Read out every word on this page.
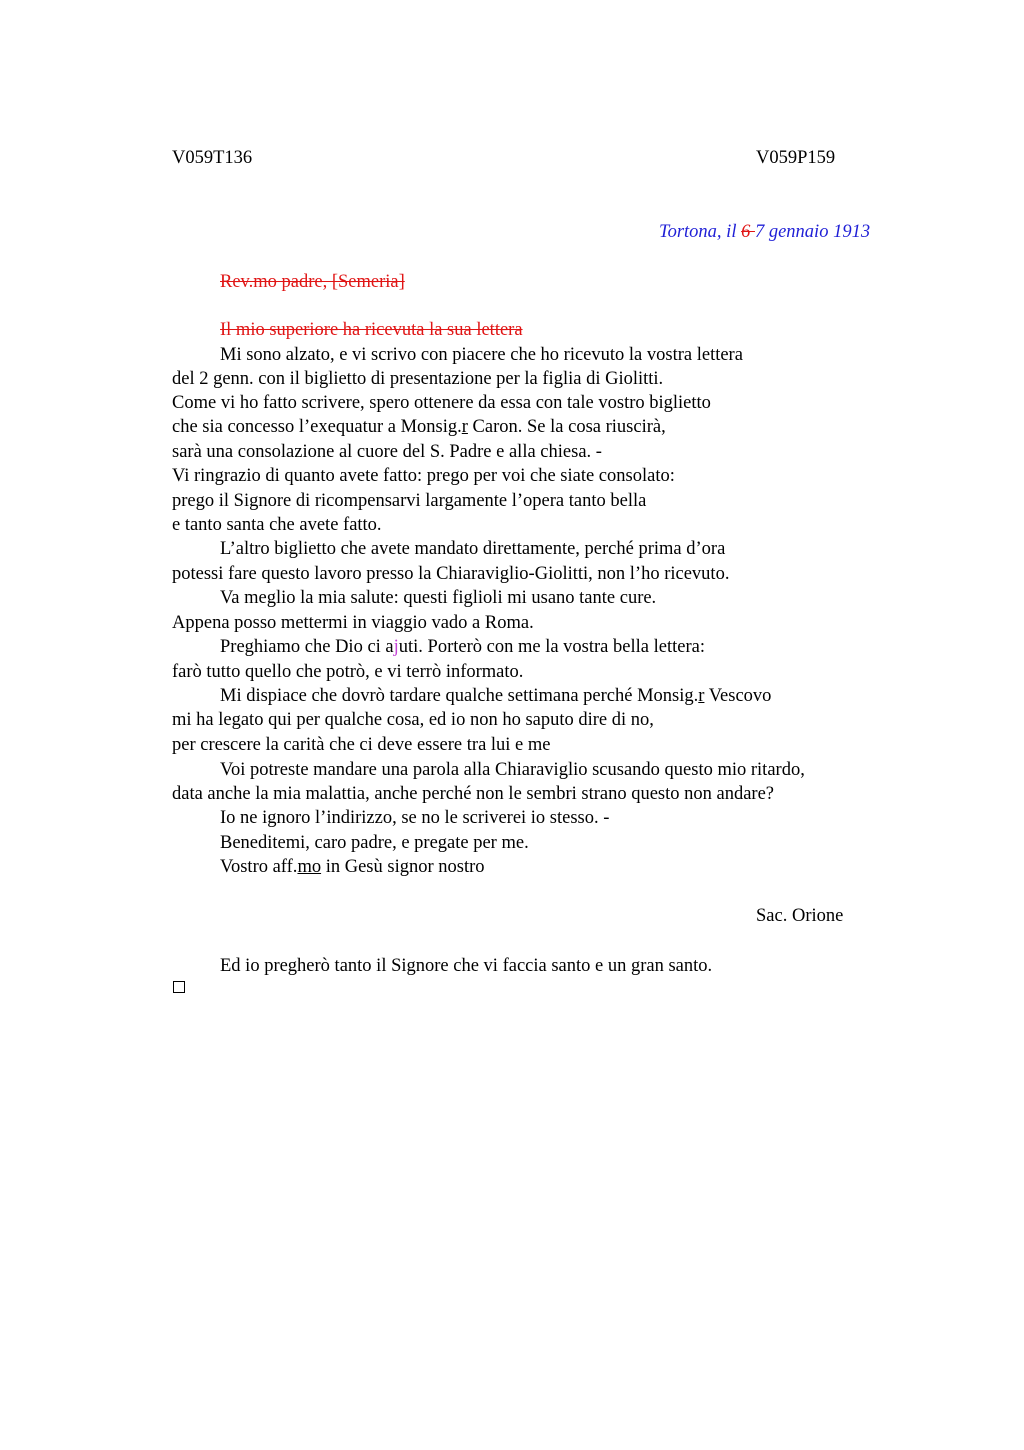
V059T136	V059P159
Tortona, il 6 7 gennaio 1913
Rev.mo padre, [Semeria]
Il mio superiore ha ricevuta la sua lettera
Mi sono alzato, e vi scrivo con piacere che ho ricevuto la vostra lettera
del 2 genn. con il biglietto di presentazione per la figlia di Giolitti.
Come vi ho fatto scrivere, spero ottenere da essa con tale vostro biglietto
che sia concesso l’exequatur a Monsig.r Caron. Se la cosa riuscirà,
sarà una consolazione al cuore del S. Padre e alla chiesa. -
Vi ringrazio di quanto avete fatto: prego per voi che siate consolato:
prego il Signore di ricompensarvi largamente l’opera tanto bella
e tanto santa che avete fatto.
L’altro biglietto che avete mandato direttamente, perché prima d’ora
potessi fare questo lavoro presso la Chiaraviglio-Giolitti, non l’ho ricevuto.
Va meglio la mia salute: questi figlioli mi usano tante cure.
Appena posso mettermi in viaggio vado a Roma.
Preghiamo che Dio ci ajuti. Porterò con me la vostra bella lettera:
farò tutto quello che potrò, e vi terrò informato.
Mi dispiace che dovrò tardare qualche settimana perché Monsig.r Vescovo
mi ha legato qui per qualche cosa, ed io non ho saputo dire di no,
per crescere la carità che ci deve essere tra lui e me
Voi potreste mandare una parola alla Chiaraviglio scusando questo mio ritardo,
data anche la mia malattia, anche perché non le sembri strano questo non andare?
Io ne ignoro l’indirizzo, se no le scriverei io stesso. -
Beneditemi, caro padre, e pregate per me.
Vostro aff.mo in Gesù signor nostro
Sac. Orione
Ed io pregherò tanto il Signore che vi faccia santo e un gran santo.
